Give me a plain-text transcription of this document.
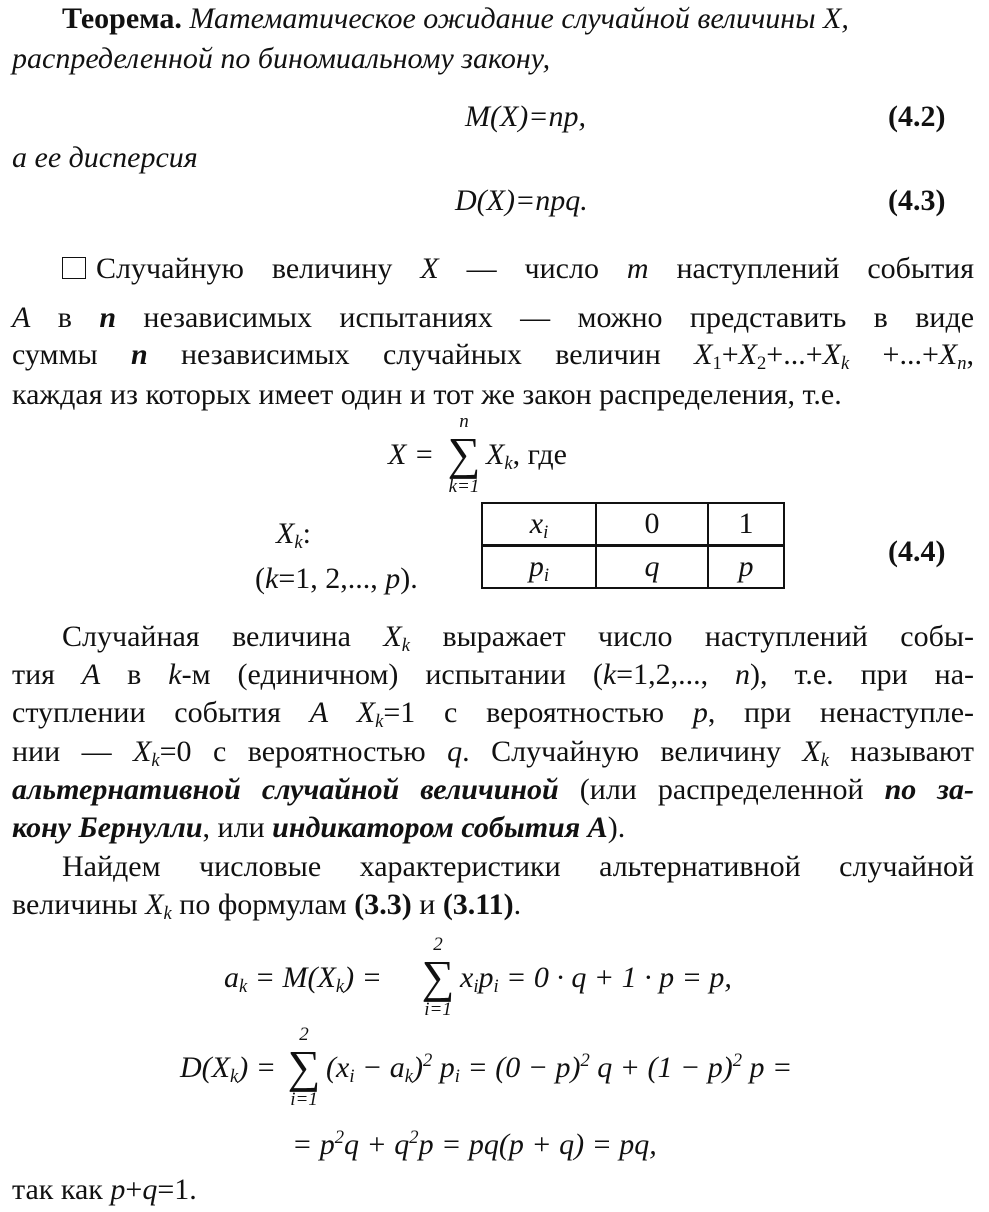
Теорема. Математическое ожидание случайной величины X,
распределенной по биномиальному закону,
M(X)=np,	(4.2)
а ее дисперсия
D(X)=npq.	(4.3)
Случайную величину X — число m наступлений события
A в n независимых испытаниях — можно представить в виде
суммы n независимых случайных величин $X_1+X_2+...+X_k +...+X_n$,
каждая из которых имеет один и тот же закон распределения, т.е.
X =
n
∑
k=1
$X_k$, где
$X_k$:
(k=1, 2,..., p).
$x_i$	0	1
$p_i$	q	p	(4.4)
Случайная величина $X_k$ выражает число наступлений собы-
тия A в k-м (единичном) испытании (k=1,2,..., n), т.е. при на-
ступлении события A $X_k=1$ с вероятностью p, при ненаступле-
нии — $X_k=0$ с вероятностью q. Случайную величину $X_k$ называют
альтернативной случайной величиной (или распределенной по за-
кону Бернулли, или индикатором события A).
Найдем числовые характеристики альтернативной случайной
величины $X_k$ по формулам (3.3) и (3.11).
$a_k = M(X_k)$ =
2
∑
i=1
$x_ip_i = 0 \cdot q + 1 \cdot p = p$,
$D(X_k)$ =
2
∑
i=1
$(x_i - a_k)^2$ $p_i = (0 - p)^2$ $q + (1 - p)^2$ p =
= $p^2q + q^2p = pq(p + q)$ = pq,
так как p+q=1.
